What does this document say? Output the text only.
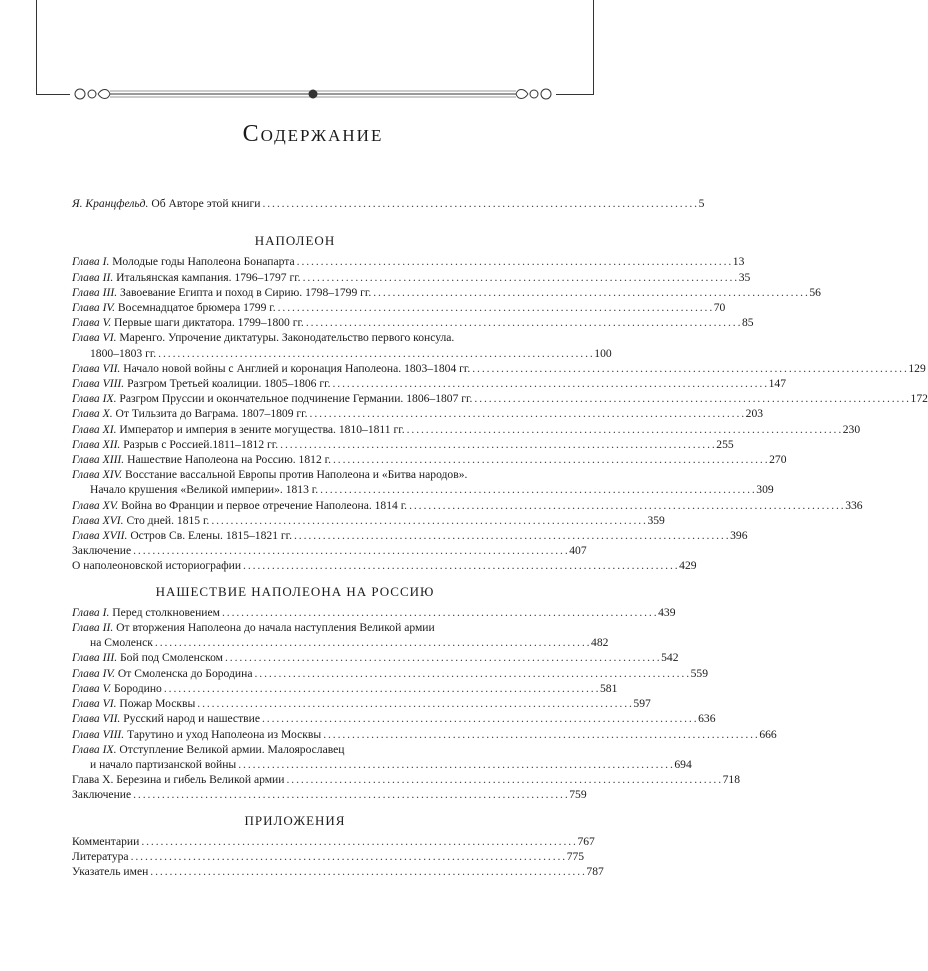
Содержание
Я. Кранцфельд. Об Авторе этой книги . . .	5
НАПОЛЕОН
Глава I. Молодые годы Наполеона Бонапарта . . .	13
Глава II. Итальянская кампания. 1796–1797 гг. . . .	35
Глава III. Завоевание Египта и поход в Сирию. 1798–1799 гг. . . .	56
Глава IV. Восемнадцатое брюмера 1799 г. . . .	70
Глава V. Первые шаги диктатора. 1799–1800 гг. . . .	85
Глава VI. Маренго. Упрочение диктатуры. Законодательство первого консула.
1800–1803 гг. . . .	100
Глава VII. Начало новой войны с Англией и коронация Наполеона. 1803–1804 гг. . . .	129
Глава VIII. Разгром Третьей коалиции. 1805–1806 гг. . . .	147
Глава IX. Разгром Пруссии и окончательное подчинение Германии. 1806–1807 гг. . . .	172
Глава X. От Тильзита до Ваграма. 1807–1809 гг. . . .	203
Глава XI. Император и империя в зените могущества. 1810–1811 гг. . . .	230
Глава XII. Разрыв с Россией.1811–1812 гг. . . .	255
Глава XIII. Нашествие Наполеона на Россию. 1812 г. . . .	270
Глава XIV. Восстание вассальной Европы против Наполеона и «Битва народов».
Начало крушения «Великой империи». 1813 г. . . .	309
Глава XV. Война во Франции и первое отречение Наполеона. 1814 г. . . .	336
Глава XVI. Сто дней. 1815 г. . . .	359
Глава XVII. Остров Св. Елены. 1815–1821 гг. . . .	396
Заключение . . .	407
О наполеоновской историографии . . .	429
НАШЕСТВИЕ НАПОЛЕОНА НА РОССИЮ
Глава I. Перед столкновением . . .	439
Глава II. От вторжения Наполеона до начала наступления Великой армии
на Смоленск . . .	482
Глава III. Бой под Смоленском . . .	542
Глава IV. От Смоленска до Бородина . . .	559
Глава V. Бородино . . .	581
Глава VI. Пожар Москвы . . .	597
Глава VII. Русский народ и нашествие . . .	636
Глава VIII. Тарутино и уход Наполеона из Москвы . . .	666
Глава IX. Отступление Великой армии. Малоярославец
и начало партизанской войны . . .	694
Глава X. Березина и гибель Великой армии . . .	718
Заключение . . .	759
ПРИЛОЖЕНИЯ
Комментарии . . .	767
Литература . . .	775
Указатель имен . . .	787
